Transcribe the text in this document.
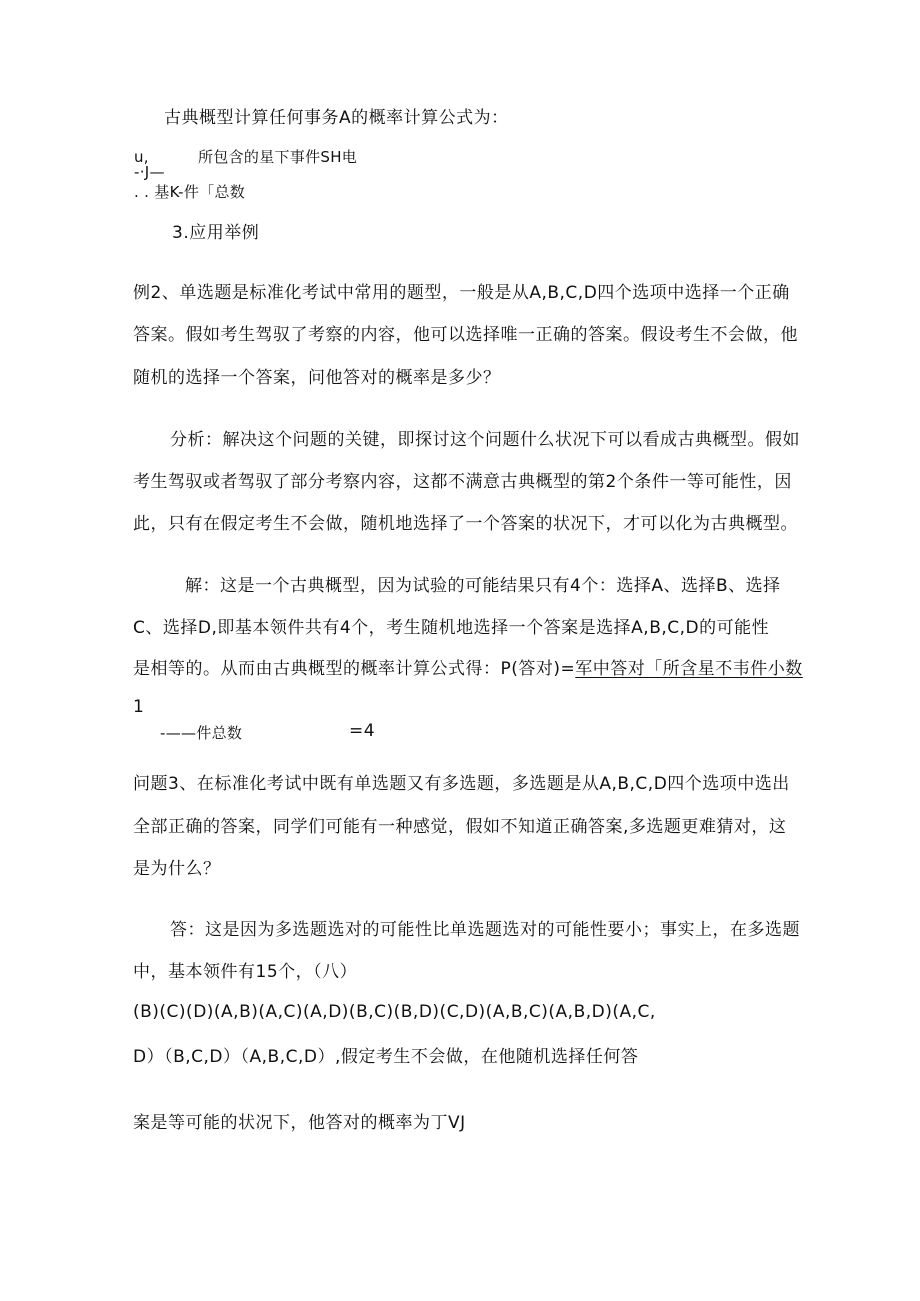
古典概型计算任何事务A的概率计算公式为：
u,	所包含的星下事件SH电
-·J—
. . 基K-件「总数
3.应用举例
例2、单选题是标准化考试中常用的题型，一般是从A,B,C,D四个选项中选择一个正确
答案。假如考生驾驭了考察的内容，他可以选择唯一正确的答案。假设考生不会做，他
随机的选择一个答案，问他答对的概率是多少？
分析：解决这个问题的关键，即探讨这个问题什么状况下可以看成古典概型。假如
考生驾驭或者驾驭了部分考察内容，这都不满意古典概型的第2个条件一等可能性，因
此，只有在假定考生不会做，随机地选择了一个答案的状况下，才可以化为古典概型。
解：这是一个古典概型，因为试验的可能结果只有4个：选择A、选择B、选择
C、选择D,即基本领件共有4个，考生随机地选择一个答案是选择A,B,C,D的可能性
是相等的。从而由古典概型的概率计算公式得：P(答对)=军中答对「所含星不韦件小数
1
-——件总数	=4
问题3、在标准化考试中既有单选题又有多选题，多选题是从A,B,C,D四个选项中选出
全部正确的答案，同学们可能有一种感觉，假如不知道正确答案,多选题更难猜对，这
是为什么？
答：这是因为多选题选对的可能性比单选题选对的可能性要小；事实上，在多选题
中，基本领件有15个，（八）
(B)(C)(D)(A,B)(A,C)(A,D)(B,C)(B,D)(C,D)(A,B,C)(A,B,D)(A,C,
D）（B,C,D）（A,B,C,D）,假定考生不会做，在他随机选择任何答
案是等可能的状况下，他答对的概率为丁VJ
